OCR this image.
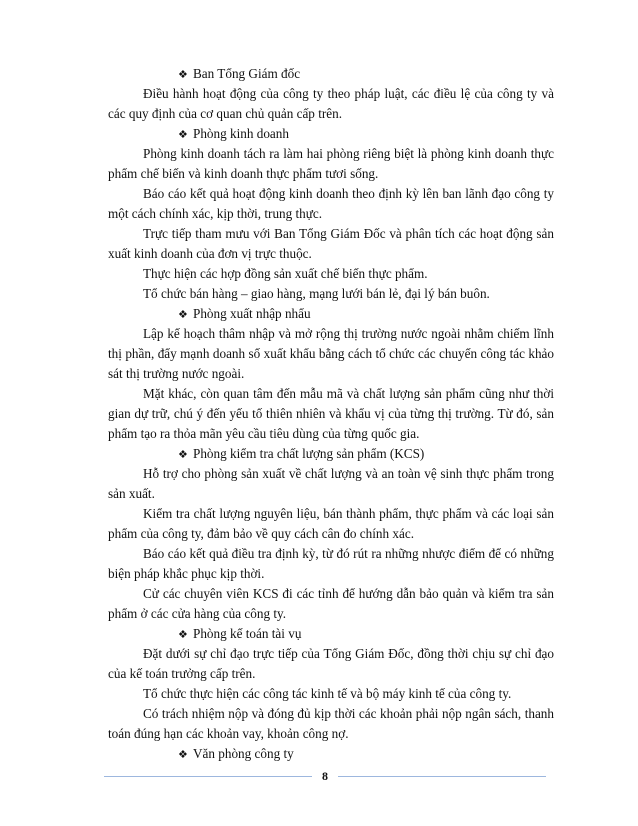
❖ Ban Tổng Giám đốc

Điều hành hoạt động của công ty theo pháp luật, các điều lệ của công ty và các quy định của cơ quan chủ quản cấp trên.

❖ Phòng kinh doanh

Phòng kinh doanh tách ra làm hai phòng riêng biệt là phòng kinh doanh thực phẩm chế biến và kinh doanh thực phẩm tươi sống.

Báo cáo kết quả hoạt động kinh doanh theo định kỳ lên ban lãnh đạo công ty một cách chính xác, kịp thời, trung thực.

Trực tiếp tham mưu với Ban Tổng Giám Đốc và phân tích các hoạt động sản xuất kinh doanh của đơn vị trực thuộc.

Thực hiện các hợp đồng sản xuất chế biến thực phẩm.

Tổ chức bán hàng – giao hàng, mạng lưới bán lẻ, đại lý bán buôn.

❖ Phòng xuất nhập nhẩu

Lập kế hoạch thâm nhập và mở rộng thị trường nước ngoài nhằm chiếm lĩnh thị phần, đẩy mạnh doanh số xuất khẩu bằng cách tổ chức các chuyến công tác khảo sát thị trường nước ngoài.

Mặt khác, còn quan tâm đến mẫu mã và chất lượng sản phẩm cũng như thời gian dự trữ, chú ý đến yếu tố thiên nhiên và khẩu vị của từng thị trường. Từ đó, sản phẩm tạo ra thỏa mãn yêu cầu tiêu dùng của từng quốc gia.

❖ Phòng kiểm tra chất lượng sản phẩm (KCS)

Hỗ trợ cho phòng sản xuất về chất lượng và an toàn vệ sinh thực phẩm trong sản xuất.

Kiểm tra chất lượng nguyên liệu, bán thành phẩm, thực phẩm và các loại sản phẩm của công ty, đảm bảo về quy cách cân đo chính xác.

Báo cáo kết quả điều tra định kỳ, từ đó rút ra những nhược điểm để có những biện pháp khắc phục kịp thời.

Cử các chuyên viên KCS đi các tỉnh để hướng dẫn bảo quản và kiểm tra sản phẩm ở các cửa hàng của công ty.

❖ Phòng kế toán tài vụ

Đặt dưới sự chỉ đạo trực tiếp của Tổng Giám Đốc, đồng thời chịu sự chỉ đạo của kế toán trưởng cấp trên.

Tổ chức thực hiện các công tác kinh tế và bộ máy kinh tế của công ty.

Có trách nhiệm nộp và đóng đủ kịp thời các khoản phải nộp ngân sách, thanh toán đúng hạn các khoản vay, khoản công nợ.

❖ Văn phòng công ty
8
